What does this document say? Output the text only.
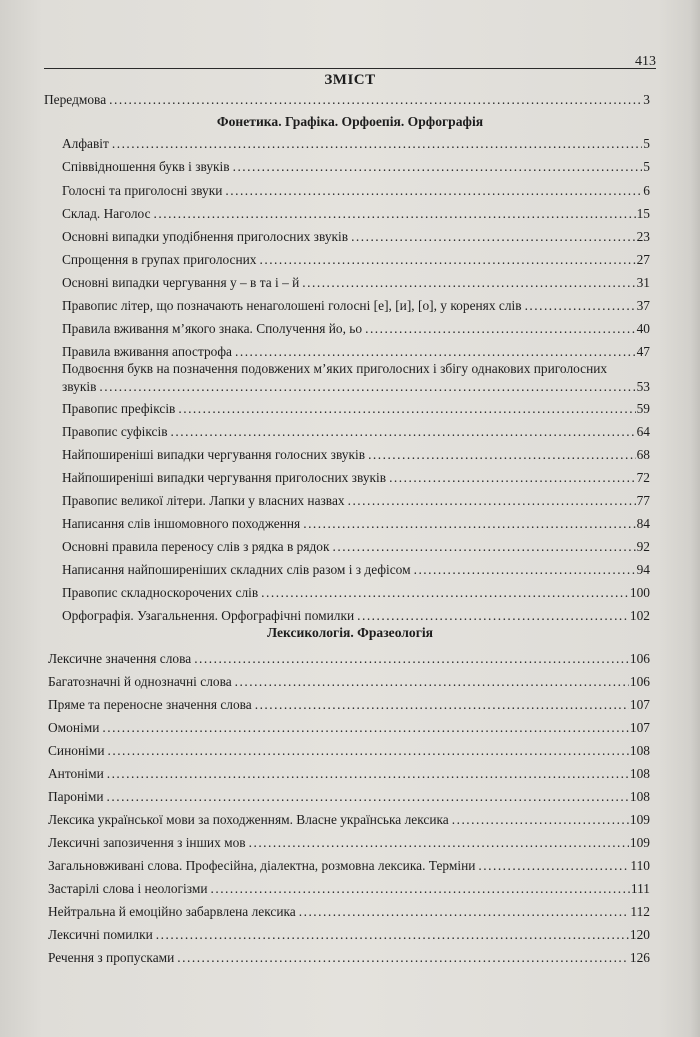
413
ЗМІСТ
Передмова .....	3
Фонетика. Графіка. Орфоепія. Орфографія
Алфавіт .....	5
Співвідношення букв і звуків .....	5
Голосні та приголосні звуки .....	6
Склад. Наголос .....	15
Основні випадки уподібнення приголосних звуків .....	23
Спрощення в групах приголосних .....	27
Основні випадки чергування у – в та і – й .....	31
Правопис літер, що позначають ненаголошені голосні [е], [и], [о], у коренях слів .....	37
Правила вживання м’якого знака. Сполучення йо, ьо .....	40
Правила вживання апострофа .....	47
Подвоєння букв на позначення подовжених м’яких приголосних і збігу однакових приголосних
звуків .....	53
Правопис префіксів .....	59
Правопис суфіксів .....	64
Найпоширеніші випадки чергування голосних звуків .....	68
Найпоширеніші випадки чергування приголосних звуків .....	72
Правопис великої літери. Лапки у власних назвах .....	77
Написання слів іншомовного походження .....	84
Основні правила переносу слів з рядка в рядок .....	92
Написання найпоширеніших складних слів разом і з дефісом .....	94
Правопис складноскорочених слів .....	100
Орфографія. Узагальнення. Орфографічні помилки .....	102
Лексикологія. Фразеологія
Лексичне значення слова .....	106
Багатозначні й однозначні слова .....	106
Пряме та переносне значення слова .....	107
Омоніми .....	107
Синоніми .....	108
Антоніми .....	108
Пароніми .....	108
Лексика української мови за походженням. Власне українська лексика .....	109
Лексичні запозичення з інших мов .....	109
Загальновживані слова. Професійна, діалектна, розмовна лексика. Терміни .....	110
Застарілі слова і неологізми .....	111
Нейтральна й емоційно забарвлена лексика .....	112
Лексичні помилки .....	120
Речення з пропусками .....	126
